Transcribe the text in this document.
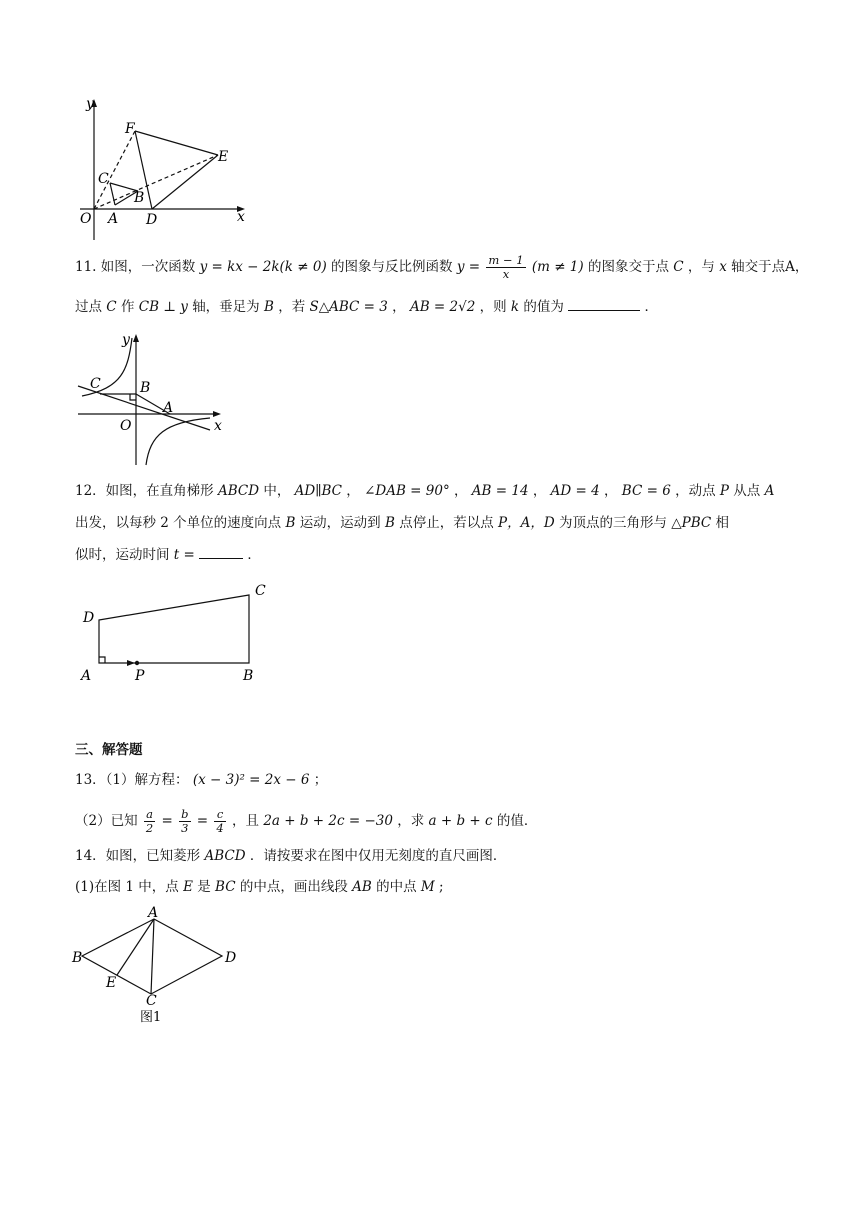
y
x
O A
B
C
D
E
F
11. 如图，一次函数 y = kx − 2k(k ≠ 0) 的图象与反比例函数 $y = \frac{m - 1}{x} (m \ne 1)$ 的图象交于点 C ，与 x 轴交于点A，
过点 C 作 CB ⊥ y 轴，垂足为 B ，若 S△ABC = 3 ， AB = 2√2 ，则 k 的值为	．
y
x
O
A
B
C
12．如图，在直角梯形 ABCD 中， AD∥BC ， ∠DAB = 90° ， AB = 14 ， AD = 4 ， BC = 6 ，动点 P 从点 A
出发，以每秒 2 个单位的速度向点 B 运动，运动到 B 点停止，若以点 P，A，D 为顶点的三角形与 △PBC 相
似时，运动时间 t =	．
D
A	P	B
C
三、解答题
13．（1）解方程： (x − 3)² = 2x − 6 ；
（2）已知 $\frac{a}{2} = \frac{b}{3} = \frac{c}{4}$ ，且 2a + b + 2c = −30 ，求 a + b + c 的值．
14．如图，已知菱形 ABCD ．请按要求在图中仅用无刻度的直尺画图．
(1)在图 1 中，点 E 是 BC 的中点，画出线段 AB 的中点 M ;
A
B
C
D
E
图1
